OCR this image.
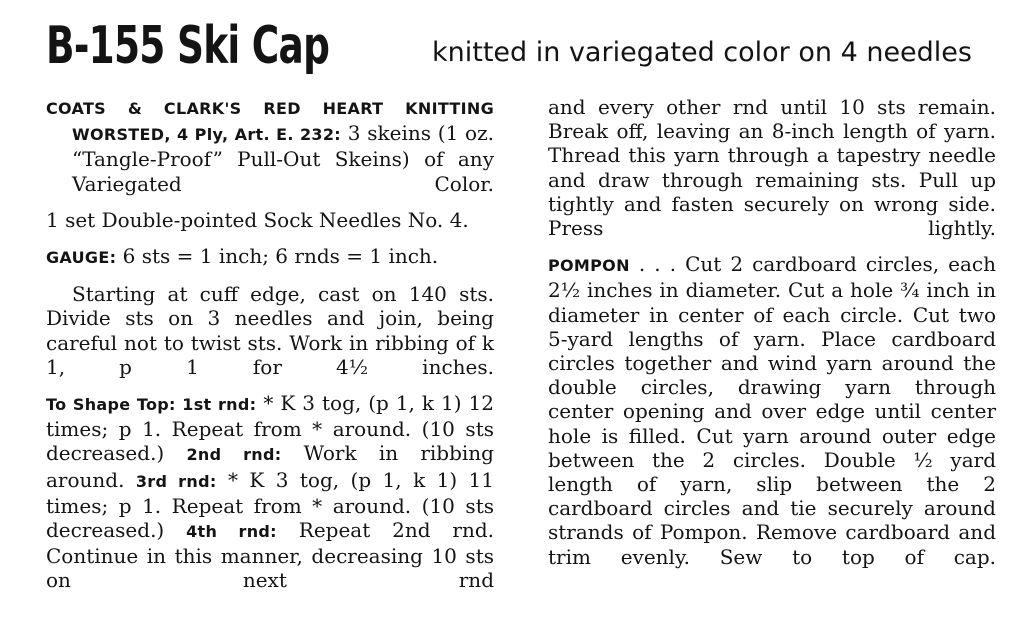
B-155 Ski Cap	knitted in variegated color on 4 needles

COATS & CLARK'S RED HEART KNITTING WORSTED, 4 Ply, Art. E. 232: 3 skeins (1 oz. “Tangle-Proof” Pull-Out Skeins) of any Variegated Color.

1 set Double-pointed Sock Needles No. 4.

GAUGE: 6 sts = 1 inch; 6 rnds = 1 inch.

Starting at cuff edge, cast on 140 sts. Divide sts on 3 needles and join, being careful not to twist sts. Work in ribbing of k 1, p 1 for 4½ inches.

To Shape Top: 1st rnd: * K 3 tog, (p 1, k 1) 12 times; p 1. Repeat from * around. (10 sts decreased.) 2nd rnd: Work in ribbing around. 3rd rnd: * K 3 tog, (p 1, k 1) 11 times; p 1. Repeat from * around. (10 sts decreased.) 4th rnd: Repeat 2nd rnd. Continue in this manner, decreasing 10 sts on next rnd

and every other rnd until 10 sts remain. Break off, leaving an 8-inch length of yarn. Thread this yarn through a tapestry needle and draw through remaining sts. Pull up tightly and fasten securely on wrong side. Press lightly.

POMPON . . . Cut 2 cardboard circles, each 2½ inches in diameter. Cut a hole ¾ inch in diameter in center of each circle. Cut two 5-yard lengths of yarn. Place cardboard circles together and wind yarn around the double circles, drawing yarn through center opening and over edge until center hole is filled. Cut yarn around outer edge between the 2 circles. Double ½ yard length of yarn, slip between the 2 cardboard circles and tie securely around strands of Pompon. Remove cardboard and trim evenly. Sew to top of cap.
